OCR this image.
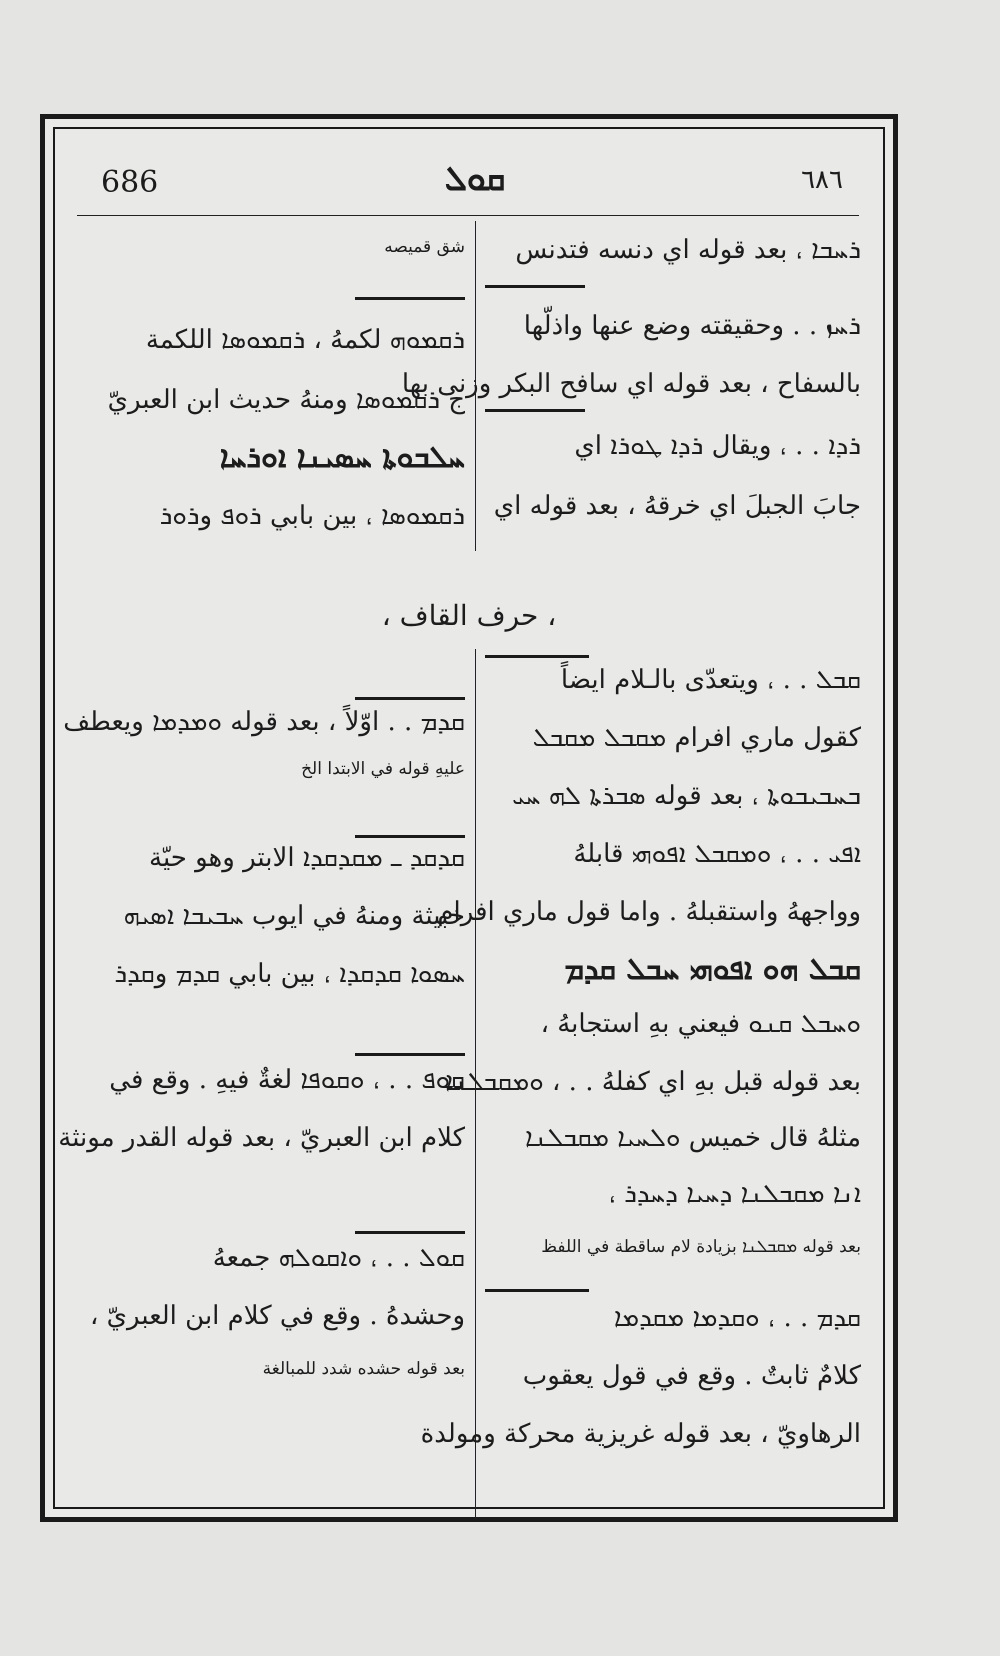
686	ܩܘܠ	٦٨٦
ܪܚܒܐ ، بعد قوله اي دنسه فتدنس
ܪܚܙ . . وحقيقته وضع عنها واذلّها
بالسفاح ، بعد قوله اي سافح البكر وزنى بها
ܪܕܐ . . ، ويقال ܪܕܐ ܛܘܪܐ اي
جابَ الجبلَ اي خرقهُ ، بعد قوله اي
شق قميصه
ܪܩܡܘܗ لكمهُ ، ܪܩܡܘܣܐ اللكمة
ج ܪܩܡܘܣܐ ومنهُ حديث ابن العبريّ
ܚܠܒܘܬܐ ܚܣܝܢܐ ܐܘܪܚܐ
ܪܩܡܘܣܐ ، بين بابي ܪܘܦ وܪܘܪ
، حرف القاف ،
ܩܒܠ . . ، ويتعدّى بالـلام ايضاً
كقول ماري افرام ܡܩܒܠ ܡܩܒܠ
ܒܚܒܝܒܘܬܐ ، بعد قوله ܣܒܪܬܐ ܠܗ ܚܝ
ܐܦܝ . . ، ܘܡܩܒܠ ܐܦܘܗܝ قابلهُ
وواجههُ واستقبلهُ . واما قول ماري افرام
ܩܒܠ ܗܘ ܐܦܘܗܝ ܚܒܠ ܩܕܡ
ܘܚܒܠ ܩܢܘ فيعني بهِ استجابهُ ،
بعد قوله قبل بهِ اي كفلهُ . . ، ܘܡܩܒܠܢܐ
مثلهُ قال خميس ܘܠܚܝܐ ܡܩܒܠܢܐ
ܐܢܐ ܡܩܒܠܢܐ ܕܚܝܐ ܕܚܕܪ ،
بعد قوله ܡܩܒܠܢܐ بزيادة لام ساقطة في اللفظ
ܩܕܡ . . ، ܘܩܕܡܐ ܡܩܕܡܐ
كلامٌ ثابتٌ . وقع في قول يعقوب
الرهاويّ ، بعد قوله غريزية محركة ومولدة
ܩܕܡ . . اوّلاً ، بعد قوله ܘܡܕܡܐ ويعطف
عليهِ قوله في الابتدا الخ
ܩܕܩܕ ـ ܡܩܕܩܕܐ الابتر وهو حيّة
خبيثة ومنهُ في ايوب ܚܒܝܒܐ ܐܣܝܗ
ܚܣܘܐ ܩܕܩܕܐ ، بين بابي ܩܕܡ وܩܕܪ
ܩܘܦ . . ، ܘܩܘܦܐ لغةٌ فيهِ . وقع في
كلام ابن العبريّ ، بعد قوله القدر مونثة
ܩܘܠ . . ، ܘܐܩܘܠܗ جمعهُ
وحشدهُ . وقع في كلام ابن العبريّ ،
بعد قوله حشده شدد للمبالغة
